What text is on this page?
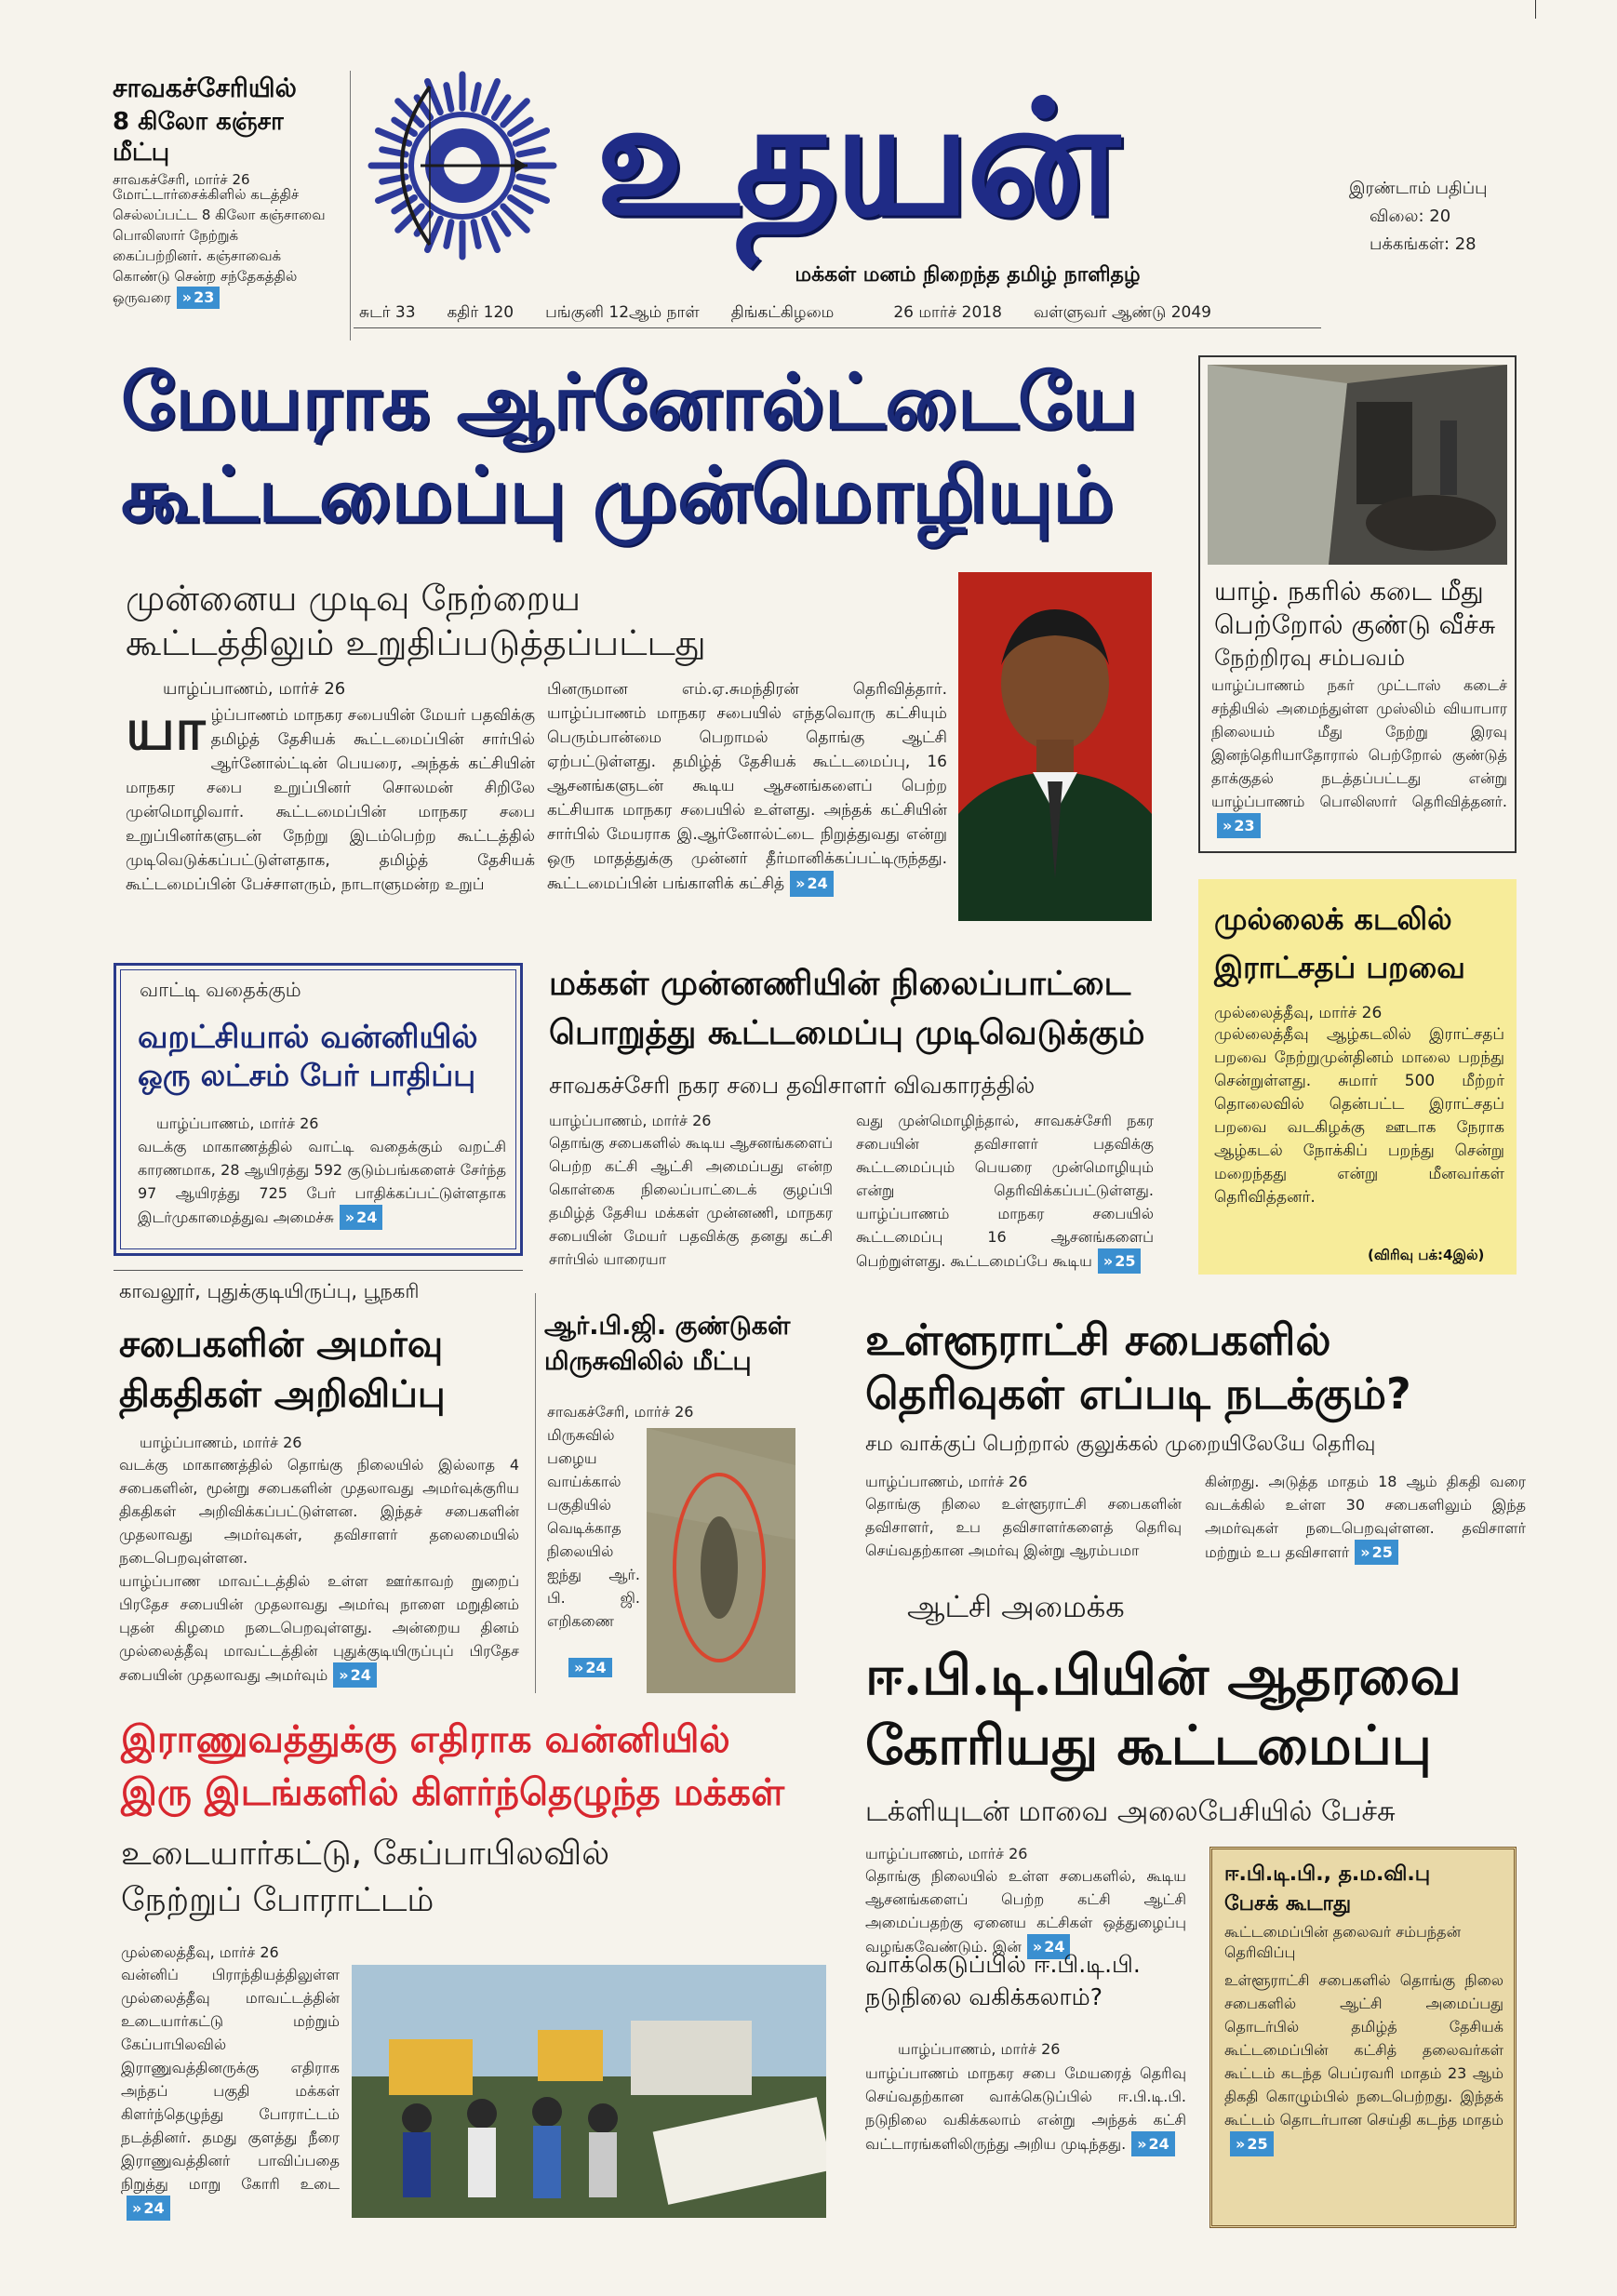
சாவகச்சேரியில்
8 கிலோ கஞ்சா மீட்பு
சாவகச்சேரி, மார்ச் 26
மோட்டார்சைக்கிளில் கடத்திச் செல்லப்பட்ட 8 கிலோ கஞ்சாவை பொலிஸார் நேற்றுக் கைப்பற்றினர். கஞ்சாவைக் கொண்டு சென்ற சந்தேகத்தில் ஒருவரை » 23
உதயன்
மக்கள் மனம் நிறைந்த தமிழ் நாளிதழ்
இரண்டாம் பதிப்பு
விலை: 20
பக்கங்கள்: 28
சுடர் 33 கதிர் 120 பங்குனி 12ஆம் நாள் திங்கட்கிழமை	26 மார்ச் 2018 வள்ளுவர் ஆண்டு 2049
மேயராக ஆர்னோல்ட்டையே
கூட்டமைப்பு முன்மொழியும்
முன்னைய முடிவு நேற்றைய
கூட்டத்திலும் உறுதிப்படுத்தப்பட்டது
யாழ்ப்பாணம், மார்ச் 26
யாழ்ப்பாணம் மாநகர சபையின் மேயர் பதவிக்கு தமிழ்த் தேசியக் கூட்டமைப்பின் சார்பில் ஆர்னோல்ட்டின் பெயரை, அந்தக் கட்சியின் மாநகர சபை உறுப்பினர் சொலமன் சிறிலே முன்மொழிவார். கூட்டமைப்பின் மாநகர சபை உறுப்பினர்களுடன் நேற்று இடம்பெற்ற கூட்டத்தில் முடிவெடுக்கப்பட்டுள்ளதாக, தமிழ்த் தேசியக் கூட்டமைப்பின் பேச்சாளரும், நாடாளுமன்ற உறுப்
பினருமான எம்.ஏ.சுமந்திரன் தெரிவித்தார். யாழ்ப்பாணம் மாநகர சபையில் எந்தவொரு கட்சியும் பெரும்பான்மை பெறாமல் தொங்கு ஆட்சி ஏற்பட்டுள்ளது. தமிழ்த் தேசியக் கூட்டமைப்பு, 16 ஆசனங்களுடன் கூடிய ஆசனங்களைப் பெற்ற கட்சியாக மாநகர சபையில் உள்ளது. அந்தக் கட்சியின் சார்பில் மேயராக இ.ஆர்னோல்ட்டை நிறுத்துவது என்று ஒரு மாதத்துக்கு முன்னர் தீர்மானிக்கப்பட்டிருந்தது. கூட்டமைப்பின் பங்காளிக் கட்சித் » 24
யாழ். நகரில் கடை மீது
பெற்றோல் குண்டு வீச்சு
நேற்றிரவு சம்பவம்
யாழ்ப்பாணம் நகர் முட்டாஸ் கடைச் சந்தியில் அமைந்துள்ள முஸ்லிம் வியாபார நிலையம் மீது நேற்று இரவு இனந்தெரியாதோரால் பெற்றோல் குண்டுத் தாக்குதல் நடத்தப்பட்டது என்று யாழ்ப்பாணம் பொலிஸார் தெரிவித்தனர்.» 23
வாட்டி வதைக்கும்
வறட்சியால் வன்னியில்
ஒரு லட்சம் பேர் பாதிப்பு
யாழ்ப்பாணம், மார்ச் 26
வடக்கு மாகாணத்தில் வாட்டி வதைக்கும் வறட்சி காரணமாக, 28 ஆயிரத்து 592 குடும்பங்களைச் சேர்ந்த 97 ஆயிரத்து 725 பேர் பாதிக்கப்பட்டுள்ளதாக இடர்முகாமைத்துவ அமைச்சு » 24
மக்கள் முன்னணியின் நிலைப்பாட்டை
பொறுத்து கூட்டமைப்பு முடிவெடுக்கும்
சாவகச்சேரி நகர சபை தவிசாளர் விவகாரத்தில்
யாழ்ப்பாணம், மார்ச் 26
தொங்கு சபைகளில் கூடிய ஆசனங்களைப் பெற்ற கட்சி ஆட்சி அமைப்பது என்ற கொள்கை நிலைப்பாட்டைக் குழப்பி தமிழ்த் தேசிய மக்கள் முன்னணி, மாநகர சபையின் மேயர் பதவிக்கு தனது கட்சி சார்பில் யாரையா
வது முன்மொழிந்தால், சாவகச்சேரி நகர சபையின் தவிசாளர் பதவிக்கு கூட்டமைப்பும் பெயரை முன்மொழியும் என்று தெரிவிக்கப்பட்டுள்ளது. யாழ்ப்பாணம் மாநகர சபையில் கூட்டமைப்பு 16 ஆசனங்களைப் பெற்றுள்ளது. கூட்டமைப்பே கூடிய » 25
முல்லைக் கடலில்
இராட்சதப் பறவை
முல்லைத்தீவு, மார்ச் 26
முல்லைத்தீவு ஆழ்கடலில் இராட்சதப் பறவை நேற்றுமுன்தினம் மாலை பறந்து சென்றுள்ளது. சுமார் 500 மீற்றர் தொலைவில் தென்பட்ட இராட்சதப் பறவை வடகிழக்கு ஊடாக நேராக ஆழ்கடல் நோக்கிப் பறந்து சென்று மறைந்தது என்று மீனவர்கள் தெரிவித்தனர்.
(விரிவு பக்:4இல்)
காவலூர், புதுக்குடியிருப்பு, பூநகரி
சபைகளின் அமர்வு
திகதிகள் அறிவிப்பு
யாழ்ப்பாணம், மார்ச் 26
வடக்கு மாகாணத்தில் தொங்கு நிலையில் இல்லாத 4 சபைகளின், மூன்று சபைகளின் முதலாவது அமர்வுக்குரிய திகதிகள் அறிவிக்கப்பட்டுள்ளன. இந்தச் சபைகளின் முதலாவது அமர்வுகள், தவிசாளர் தலைமையில் நடைபெறவுள்ளன.
யாழ்ப்பாண மாவட்டத்தில் உள்ள ஊர்காவற் றுறைப் பிரதேச சபையின் முதலாவது அமர்வு நாளை மறுதினம் புதன் கிழமை நடைபெறவுள்ளது. அன்றைய தினம் முல்லைத்தீவு மாவட்டத்தின் புதுக்குடியிருப்புப் பிரதேச சபையின் முதலாவது அமர்வும் » 24
ஆர்.பி.ஜி. குண்டுகள்
மிருசுவிலில் மீட்பு
சாவகச்சேரி, மார்ச் 26
மிருசுவில் பழைய வாய்க்கால் பகுதியில் வெடிக்காத நிலையில் ஐந்து ஆர். பி. ஜி. எறிகணை
» 24
உள்ளூராட்சி சபைகளில்
தெரிவுகள் எப்படி நடக்கும்?
சம வாக்குப் பெற்றால் குலுக்கல் முறையிலேயே தெரிவு
யாழ்ப்பாணம், மார்ச் 26
தொங்கு நிலை உள்ளூராட்சி சபைகளின் தவிசாளர், உப தவிசாளர்களைத் தெரிவு செய்வதற்கான அமர்வு இன்று ஆரம்பமா
கின்றது. அடுத்த மாதம் 18 ஆம் திகதி வரை வடக்கில் உள்ள 30 சபைகளிலும் இந்த அமர்வுகள் நடைபெறவுள்ளன. தவிசாளர் மற்றும் உப தவிசாளர் » 25
ஆட்சி அமைக்க
ஈ.பி.டி.பியின் ஆதரவை
கோரியது கூட்டமைப்பு
டக்ளியுடன் மாவை அலைபேசியில் பேச்சு
யாழ்ப்பாணம், மார்ச் 26
தொங்கு நிலையில் உள்ள சபைகளில், கூடிய ஆசனங்களைப் பெற்ற கட்சி ஆட்சி அமைப்பதற்கு ஏனைய கட்சிகள் ஒத்துழைப்பு வழங்கவேண்டும். இன் » 24
ஈ.பி.டி.பி., த.ம.வி.பு
பேசக் கூடாது
கூட்டமைப்பின் தலைவர் சம்பந்தன் தெரிவிப்பு
உள்ளூராட்சி சபைகளில் தொங்கு நிலை சபைகளில் ஆட்சி அமைப்பது தொடர்பில் தமிழ்த் தேசியக் கூட்டமைப்பின் கட்சித் தலைவர்கள் கூட்டம் கடந்த பெப்ரவரி மாதம் 23 ஆம் திகதி கொழும்பில் நடைபெற்றது. இந்தக் கூட்டம் தொடர்பான செய்தி கடந்த மாதம்» 25
வாக்கெடுப்பில் ஈ.பி.டி.பி.
நடுநிலை வகிக்கலாம்?
யாழ்ப்பாணம், மார்ச் 26
யாழ்ப்பாணம் மாநகர சபை மேயரைத் தெரிவு செய்வதற்கான வாக்கெடுப்பில் ஈ.பி.டி.பி. நடுநிலை வகிக்கலாம் என்று அந்தக் கட்சி வட்டாரங்களிலிருந்து அறிய முடிந்தது. » 24
இராணுவத்துக்கு எதிராக வன்னியில்
இரு இடங்களில் கிளர்ந்தெழுந்த மக்கள்
உடையார்கட்டு, கேப்பாபிலவில்
நேற்றுப் போராட்டம்
முல்லைத்தீவு, மார்ச் 26
வன்னிப் பிராந்தியத்திலுள்ள முல்லைத்தீவு மாவட்டத்தின் உடையார்கட்டு மற்றும் கேப்பாபிலவில் இராணுவத்தினருக்கு எதிராக அந்தப் பகுதி மக்கள் கிளர்ந்தெழுந்து போராட்டம் நடத்தினர். தமது குளத்து நீரை இராணுவத்தினர் பாவிப்பதை நிறுத்து மாறு கோரி உடை» 24
